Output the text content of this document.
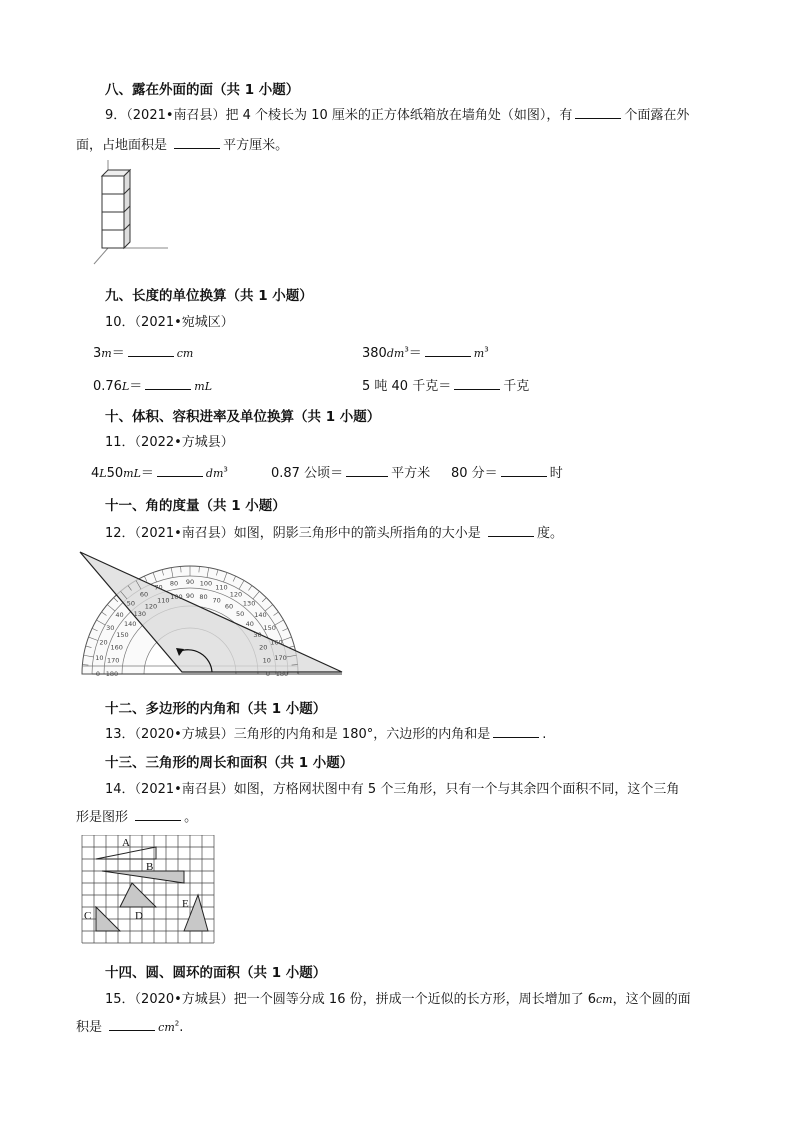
八、露在外面的面（共 1 小题）
9．（2021•南召县）把 4 个棱长为 10 厘米的正方体纸箱放在墙角处（如图），有	个面露在外
面，占地面积是	平方厘米。
九、长度的单位换算（共 1 小题）
10．（2021•宛城区）
3m＝	cm	$380dm^3=$	$m^3$
0.76L＝	mL	5 吨 40 千克＝	千克
十、体积、容积进率及单位换算（共 1 小题）
11．（2022•方城县）
4L50mL＝	$dm^3$	0.87 公顷＝	平方米 80 分＝	时
十一、角的度量（共 1 小题）
12．（2021•南召县）如图，阴影三角形中的箭头所指角的大小是	度。
0
10
20
30
40
50
60
70
80 90 100
110
120
130
140
150
160
170
180
180
170
160
150
140
130
120
110 100 90 80 70
60
50
40
30
20
10
0
十二、多边形的内角和（共 1 小题）
13．（2020•方城县）三角形的内角和是 180°，六边形的内角和是	.
十三、三角形的周长和面积（共 1 小题）
14．（2021•南召县）如图，方格网状图中有 5 个三角形，只有一个与其余四个面积不同，这个三角
形是图形	。
A
B
C	D
E
十四、圆、圆环的面积（共 1 小题）
15．（2020•方城县）把一个圆等分成 16 份，拼成一个近似的长方形，周长增加了 6cm，这个圆的面
积是	$cm^2$.
